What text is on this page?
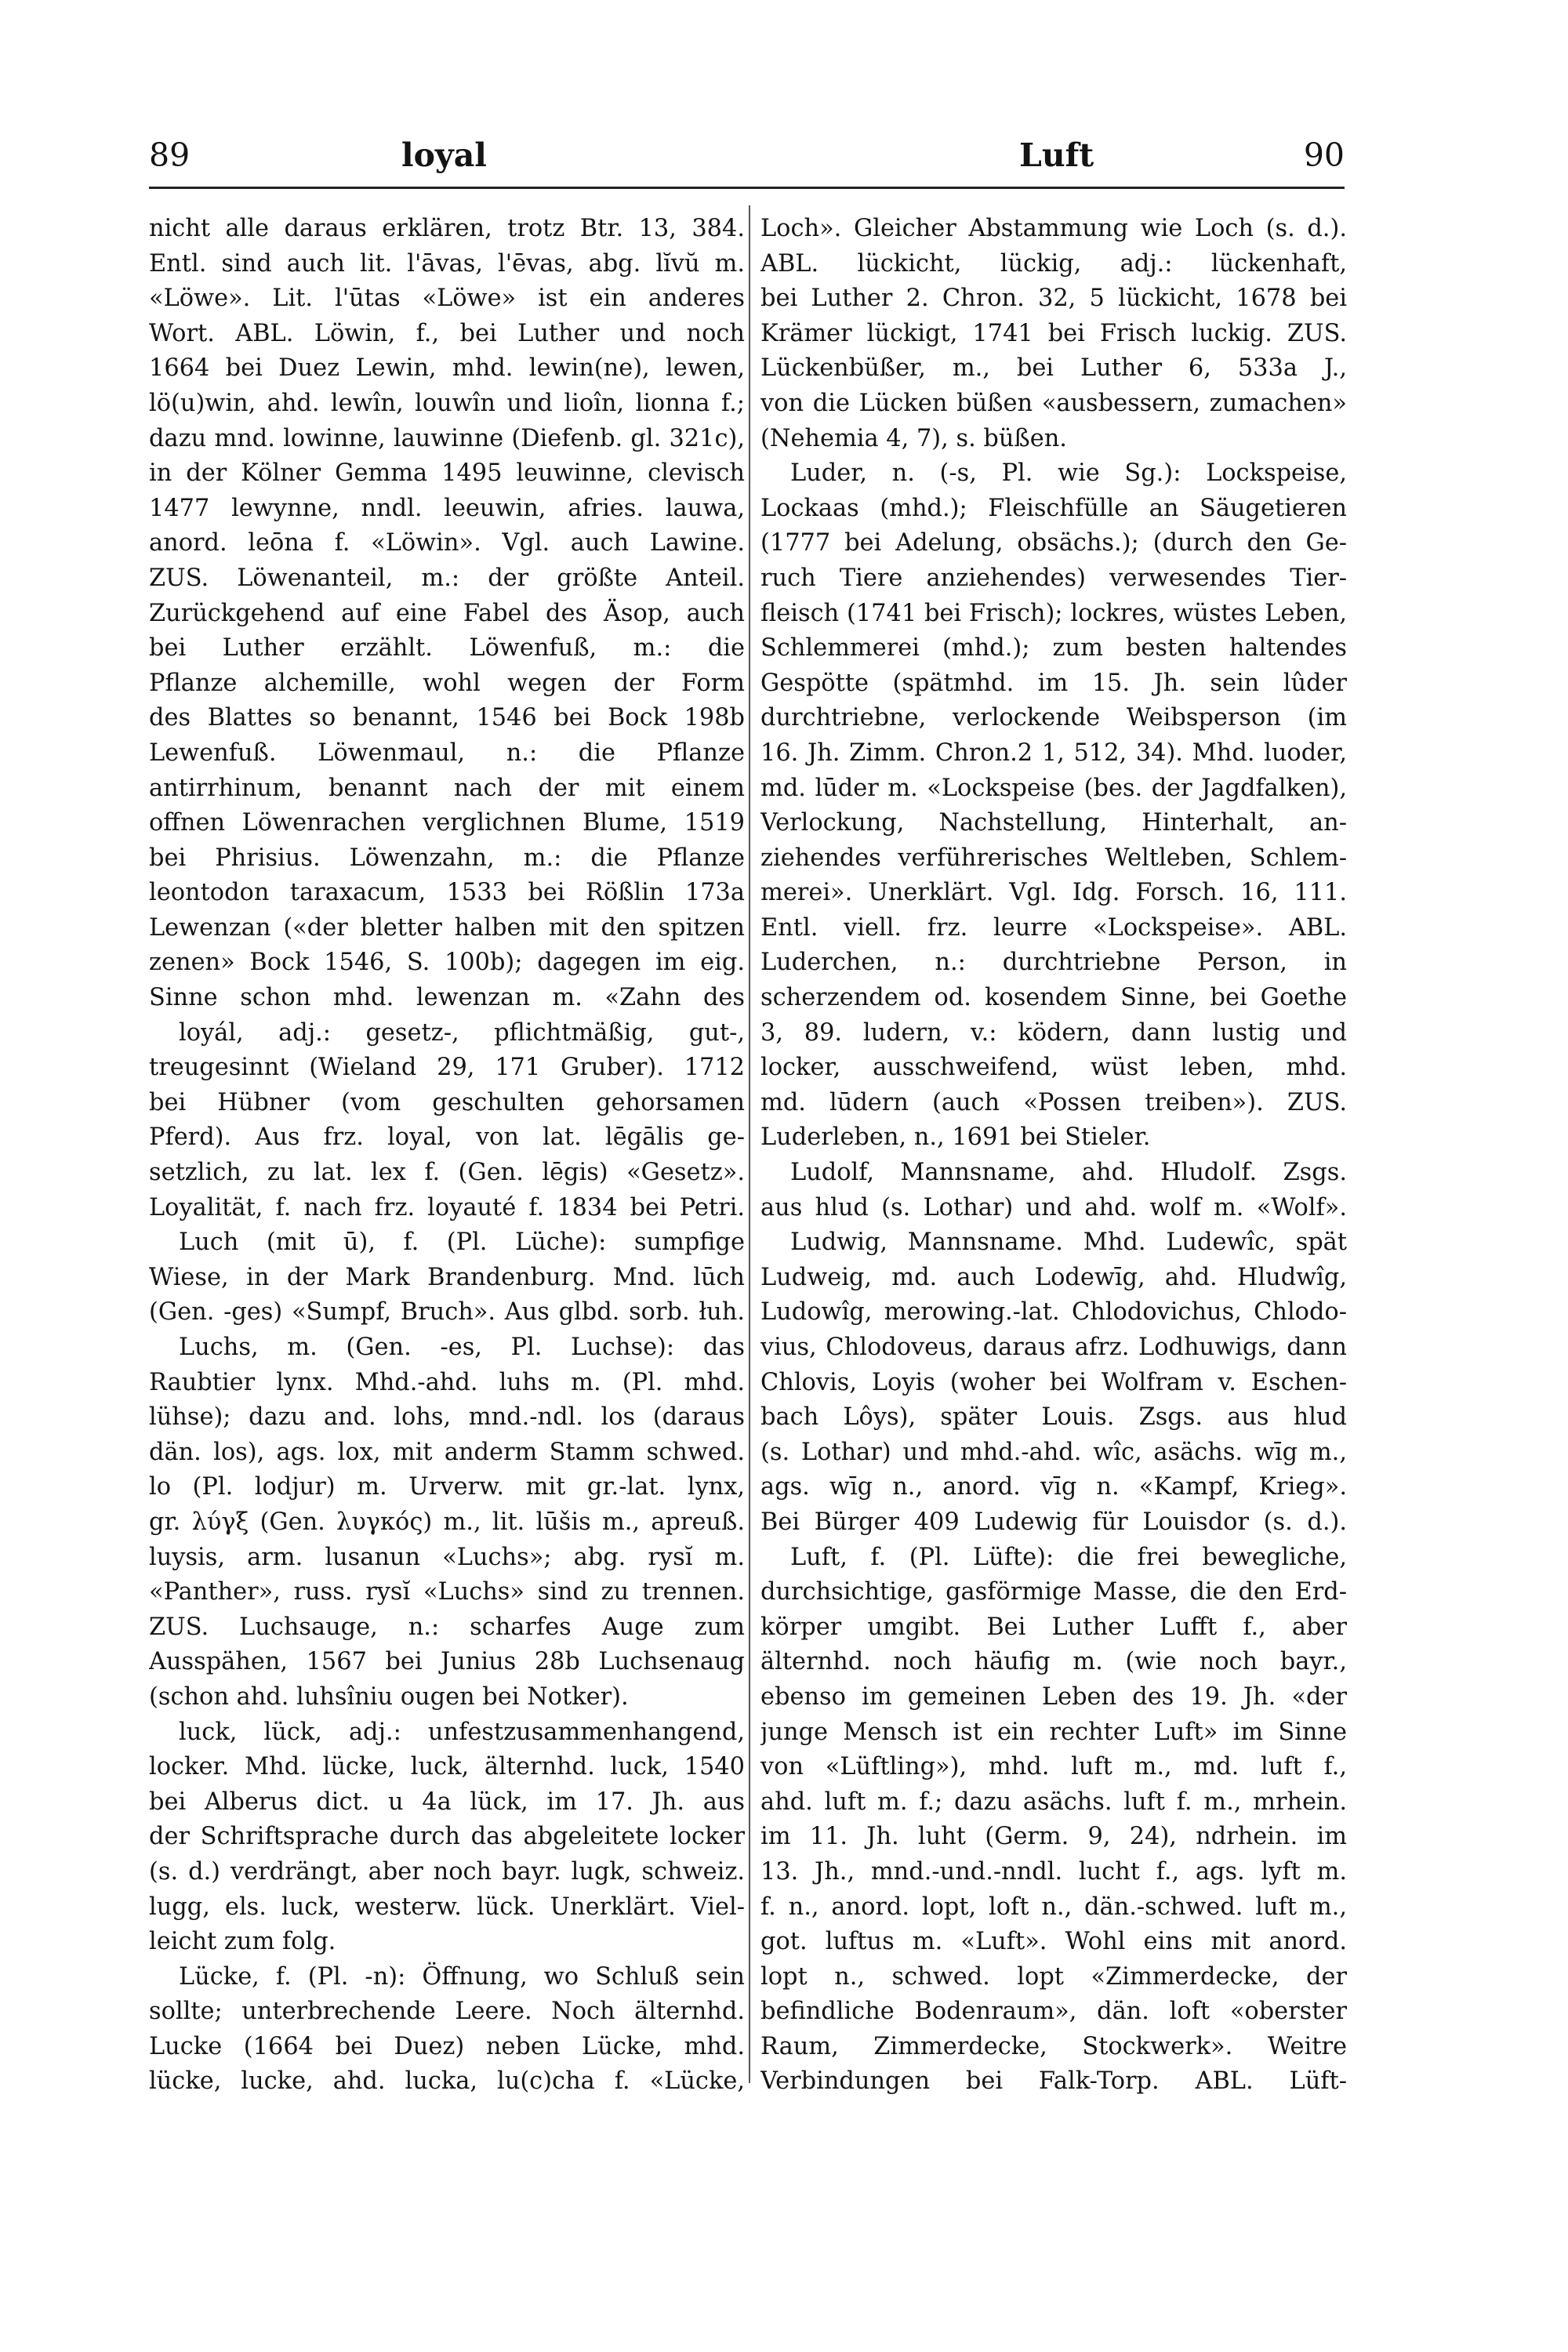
89	loyal	Luft	90
nicht alle daraus erklären, trotz Btr. 13, 384.
Entl. sind auch lit. l'āvas, l'ēvas, abg. lĭvŭ m.
«Löwe». Lit. l'ūtas «Löwe» ist ein anderes
Wort. ABL. Löwin, f., bei Luther und noch
1664 bei Duez Lewin, mhd. lewin(ne), lewen,
lö(u)win, ahd. lewîn, louwîn und lioîn, lionna f.;
dazu mnd. lowinne, lauwinne (Diefenb. gl. 321c),
in der Kölner Gemma 1495 leuwinne, clevisch
1477 lewynne, nndl. leeuwin, afries. lauwa,
anord. leōna f. «Löwin». Vgl. auch Lawine.
ZUS. Löwenanteil, m.: der größte Anteil.
Zurückgehend auf eine Fabel des Äsop, auch
bei Luther erzählt. Löwenfuß, m.: die
Pflanze alchemille, wohl wegen der Form
des Blattes so benannt, 1546 bei Bock 198b
Lewenfuß. Löwenmaul, n.: die Pflanze
antirrhinum, benannt nach der mit einem
offnen Löwenrachen verglichnen Blume, 1519
bei Phrisius. Löwenzahn, m.: die Pflanze
leontodon taraxacum, 1533 bei Rößlin 173a
Lewenzan («der bletter halben mit den spitzen
zenen» Bock 1546, S. 100b); dagegen im eig.
Sinne schon mhd. lewenzan m. «Zahn des
loyál, adj.: gesetz-, pflichtmäßig, gut-,
treugesinnt (Wieland 29, 171 Gruber). 1712
bei Hübner (vom geschulten gehorsamen
Pferd). Aus frz. loyal, von lat. lēgālis ge-
setzlich, zu lat. lex f. (Gen. lēgis) «Gesetz».
Loyalität, f. nach frz. loyauté f. 1834 bei Petri.
Luch (mit ū), f. (Pl. Lüche): sumpfige
Wiese, in der Mark Brandenburg. Mnd. lūch
(Gen. -ges) «Sumpf, Bruch». Aus glbd. sorb. łuh.
Luchs, m. (Gen. -es, Pl. Luchse): das
Raubtier lynx. Mhd.-ahd. luhs m. (Pl. mhd.
lühse); dazu and. lohs, mnd.-ndl. los (daraus
dän. los), ags. lox, mit anderm Stamm schwed.
lo (Pl. lodjur) m. Urverw. mit gr.-lat. lynx,
gr. λύγξ (Gen. λυγκός) m., lit. lūšis m., apreuß.
luysis, arm. lusanun «Luchs»; abg. rysĭ m.
«Panther», russ. rysĭ «Luchs» sind zu trennen.
ZUS. Luchsauge, n.: scharfes Auge zum
Ausspähen, 1567 bei Junius 28b Luchsenaug
(schon ahd. luhsîniu ougen bei Notker).
luck, lück, adj.: unfestzusammenhangend,
locker. Mhd. lücke, luck, älternhd. luck, 1540
bei Alberus dict. u 4a lück, im 17. Jh. aus
der Schriftsprache durch das abgeleitete locker
(s. d.) verdrängt, aber noch bayr. lugk, schweiz.
lugg, els. luck, westerw. lück. Unerklärt. Viel-
leicht zum folg.
Lücke, f. (Pl. -n): Öffnung, wo Schluß sein
sollte; unterbrechende Leere. Noch älternhd.
Lucke (1664 bei Duez) neben Lücke, mhd.
lücke, lucke, ahd. lucka, lu(c)cha f. «Lücke,
Loch». Gleicher Abstammung wie Loch (s. d.).
ABL. lückicht, lückig, adj.: lückenhaft,
bei Luther 2. Chron. 32, 5 lückicht, 1678 bei
Krämer lückigt, 1741 bei Frisch luckig. ZUS.
Lückenbüßer, m., bei Luther 6, 533a J.,
von die Lücken büßen «ausbessern, zumachen»
(Nehemia 4, 7), s. büßen.
Luder, n. (-s, Pl. wie Sg.): Lockspeise,
Lockaas (mhd.); Fleischfülle an Säugetieren
(1777 bei Adelung, obsächs.); (durch den Ge-
ruch Tiere anziehendes) verwesendes Tier-
fleisch (1741 bei Frisch); lockres, wüstes Leben,
Schlemmerei (mhd.); zum besten haltendes
Gespötte (spätmhd. im 15. Jh. sein lûder
durchtriebne, verlockende Weibsperson (im
16. Jh. Zimm. Chron.2 1, 512, 34). Mhd. luoder,
md. lūder m. «Lockspeise (bes. der Jagdfalken),
Verlockung, Nachstellung, Hinterhalt, an-
ziehendes verführerisches Weltleben, Schlem-
merei». Unerklärt. Vgl. Idg. Forsch. 16, 111.
Entl. viell. frz. leurre «Lockspeise». ABL.
Luderchen, n.: durchtriebne Person, in
scherzendem od. kosendem Sinne, bei Goethe
3, 89. ludern, v.: ködern, dann lustig und
locker, ausschweifend, wüst leben, mhd.
md. lūdern (auch «Possen treiben»). ZUS.
Luderleben, n., 1691 bei Stieler.
Ludolf, Mannsname, ahd. Hludolf. Zsgs.
aus hlud (s. Lothar) und ahd. wolf m. «Wolf».
Ludwig, Mannsname. Mhd. Ludewîc, spät
Ludweig, md. auch Lodewīg, ahd. Hludwîg,
Ludowîg, merowing.-lat. Chlodovichus, Chlodo-
vius, Chlodoveus, daraus afrz. Lodhuwigs, dann
Chlovis, Loyis (woher bei Wolfram v. Eschen-
bach Lôys), später Louis. Zsgs. aus hlud
(s. Lothar) und mhd.-ahd. wîc, asächs. wīg m.,
ags. wīg n., anord. vīg n. «Kampf, Krieg».
Bei Bürger 409 Ludewig für Louisdor (s. d.).
Luft, f. (Pl. Lüfte): die frei bewegliche,
durchsichtige, gasförmige Masse, die den Erd-
körper umgibt. Bei Luther Lufft f., aber
älternhd. noch häufig m. (wie noch bayr.,
ebenso im gemeinen Leben des 19. Jh. «der
junge Mensch ist ein rechter Luft» im Sinne
von «Lüftling»), mhd. luft m., md. luft f.,
ahd. luft m. f.; dazu asächs. luft f. m., mrhein.
im 11. Jh. luht (Germ. 9, 24), ndrhein. im
13. Jh., mnd.-und.-nndl. lucht f., ags. lyft m.
f. n., anord. lopt, loft n., dän.-schwed. luft m.,
got. luftus m. «Luft». Wohl eins mit anord.
lopt n., schwed. lopt «Zimmerdecke, der
befindliche Bodenraum», dän. loft «oberster
Raum, Zimmerdecke, Stockwerk». Weitre
Verbindungen bei Falk-Torp. ABL. Lüft-
